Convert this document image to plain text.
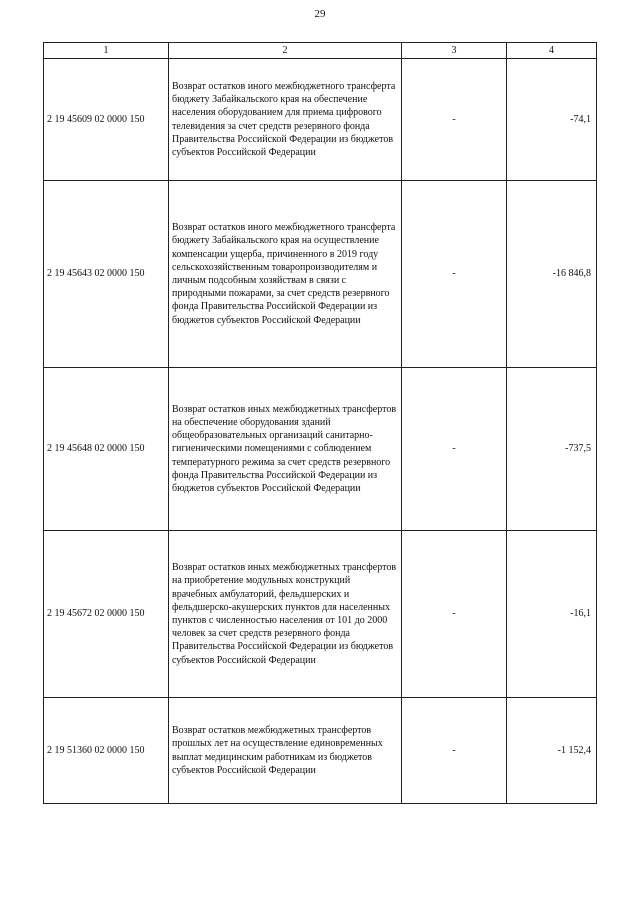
29
1	2	3	4
2 19 45609 02 0000 150	Возврат остатков иного межбюджетного трансферта бюджету Забайкальского края на обеспечение населения оборудованием для приема цифрового телевидения за счет средств резервного фонда Правительства Российской Федерации из бюджетов субъектов Российской Федерации	-	-74,1
2 19 45643 02 0000 150	Возврат остатков иного межбюджетного трансферта бюджету Забайкальского края на осуществление компенсации ущерба, причиненного в 2019 году сельскохозяйственным товаропроизводителям и личным подсобным хозяйствам в связи с природными пожарами, за счет средств резервного фонда Правительства Российской Федерации из бюджетов субъектов Российской Федерации	-	-16 846,8
2 19 45648 02 0000 150	Возврат остатков иных межбюджетных трансфертов на обеспечение оборудования зданий общеобразовательных организаций санитарно-гигиеническими помещениями с соблюдением температурного режима за счет средств резервного фонда Правительства Российской Федерации из бюджетов субъектов Российской Федерации	-	-737,5
2 19 45672 02 0000 150	Возврат остатков иных межбюджетных трансфертов на приобретение модульных конструкций врачебных амбулаторий, фельдшерских и фельдшерско-акушерских пунктов для населенных пунктов с численностью населения от 101 до 2000 человек за счет средств резервного фонда Правительства Российской Федерации из бюджетов субъектов Российской Федерации	-	-16,1
2 19 51360 02 0000 150	Возврат остатков межбюджетных трансфертов прошлых лет на осуществление единовременных выплат медицинским работникам из бюджетов субъектов Российской Федерации	-	-1 152,4
